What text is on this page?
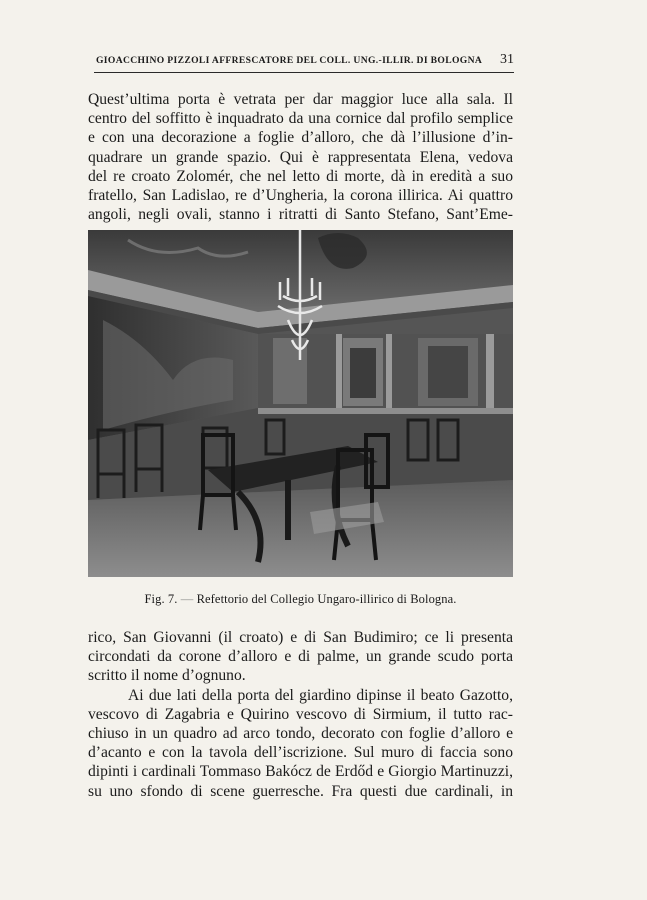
GIOACCHINO PIZZOLI AFFRESCATORE DEL COLL. UNG.-ILLIR. DI BOLOGNA 31
Quest’ultima porta è vetrata per dar maggior luce alla sala. Il
centro del soffitto è inquadrato da una cornice dal profilo semplice
e con una decorazione a foglie d’alloro, che dà l’illusione d’in-
quadrare un grande spazio. Qui è rappresentata Elena, vedova
del re croato Zolomér, che nel letto di morte, dà in eredità a suo
fratello, San Ladislao, re d’Ungheria, la corona illirica. Ai quattro
angoli, negli ovali, stanno i ritratti di Santo Stefano, Sant’Eme-
Fig. 7. — Refettorio del Collegio Ungaro-illirico di Bologna.
rico, San Giovanni (il croato) e di San Budimiro; ce li presenta
circondati da corone d’alloro e di palme, un grande scudo porta
scritto il nome d’ognuno.
Ai due lati della porta del giardino dipinse il beato Gazotto,
vescovo di Zagabria e Quirino vescovo di Sirmium, il tutto rac-
chiuso in un quadro ad arco tondo, decorato con foglie d’alloro e
d’acanto e con la tavola dell’iscrizione. Sul muro di faccia sono
dipinti i cardinali Tommaso Bakócz de Erdőd e Giorgio Martinuzzi,
su uno sfondo di scene guerresche. Fra questi due cardinali, in
